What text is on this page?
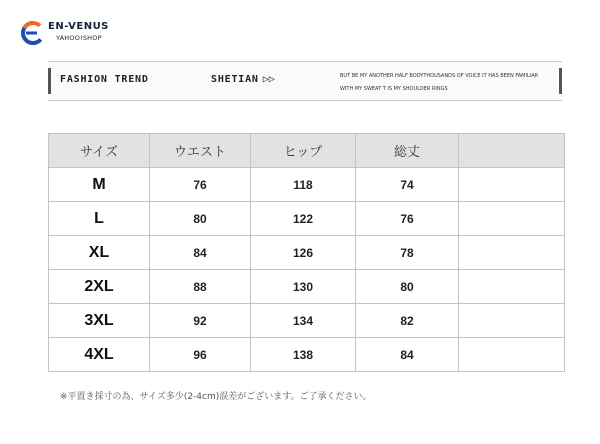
EN-VENUS
YAHOO!SHOP
FASHION TREND	SHETIAN ▷▷	BUT BE MY ANOTHER HALF BODYTHOUSANDS OF VOICE IT HAS BEEN FAMILIAR
WITH MY SWEAT T IS MY SHOULDER RINGS
サイズ	ウエスト	ヒップ	総丈	
M	76	118	74	
L	80	122	76	
XL	84	126	78	
2XL	88	130	80	
3XL	92	134	82	
4XL	96	138	84	
※平置き採寸の為、サイズ多少(2-4cm)誤差がございます。ご了承ください。
